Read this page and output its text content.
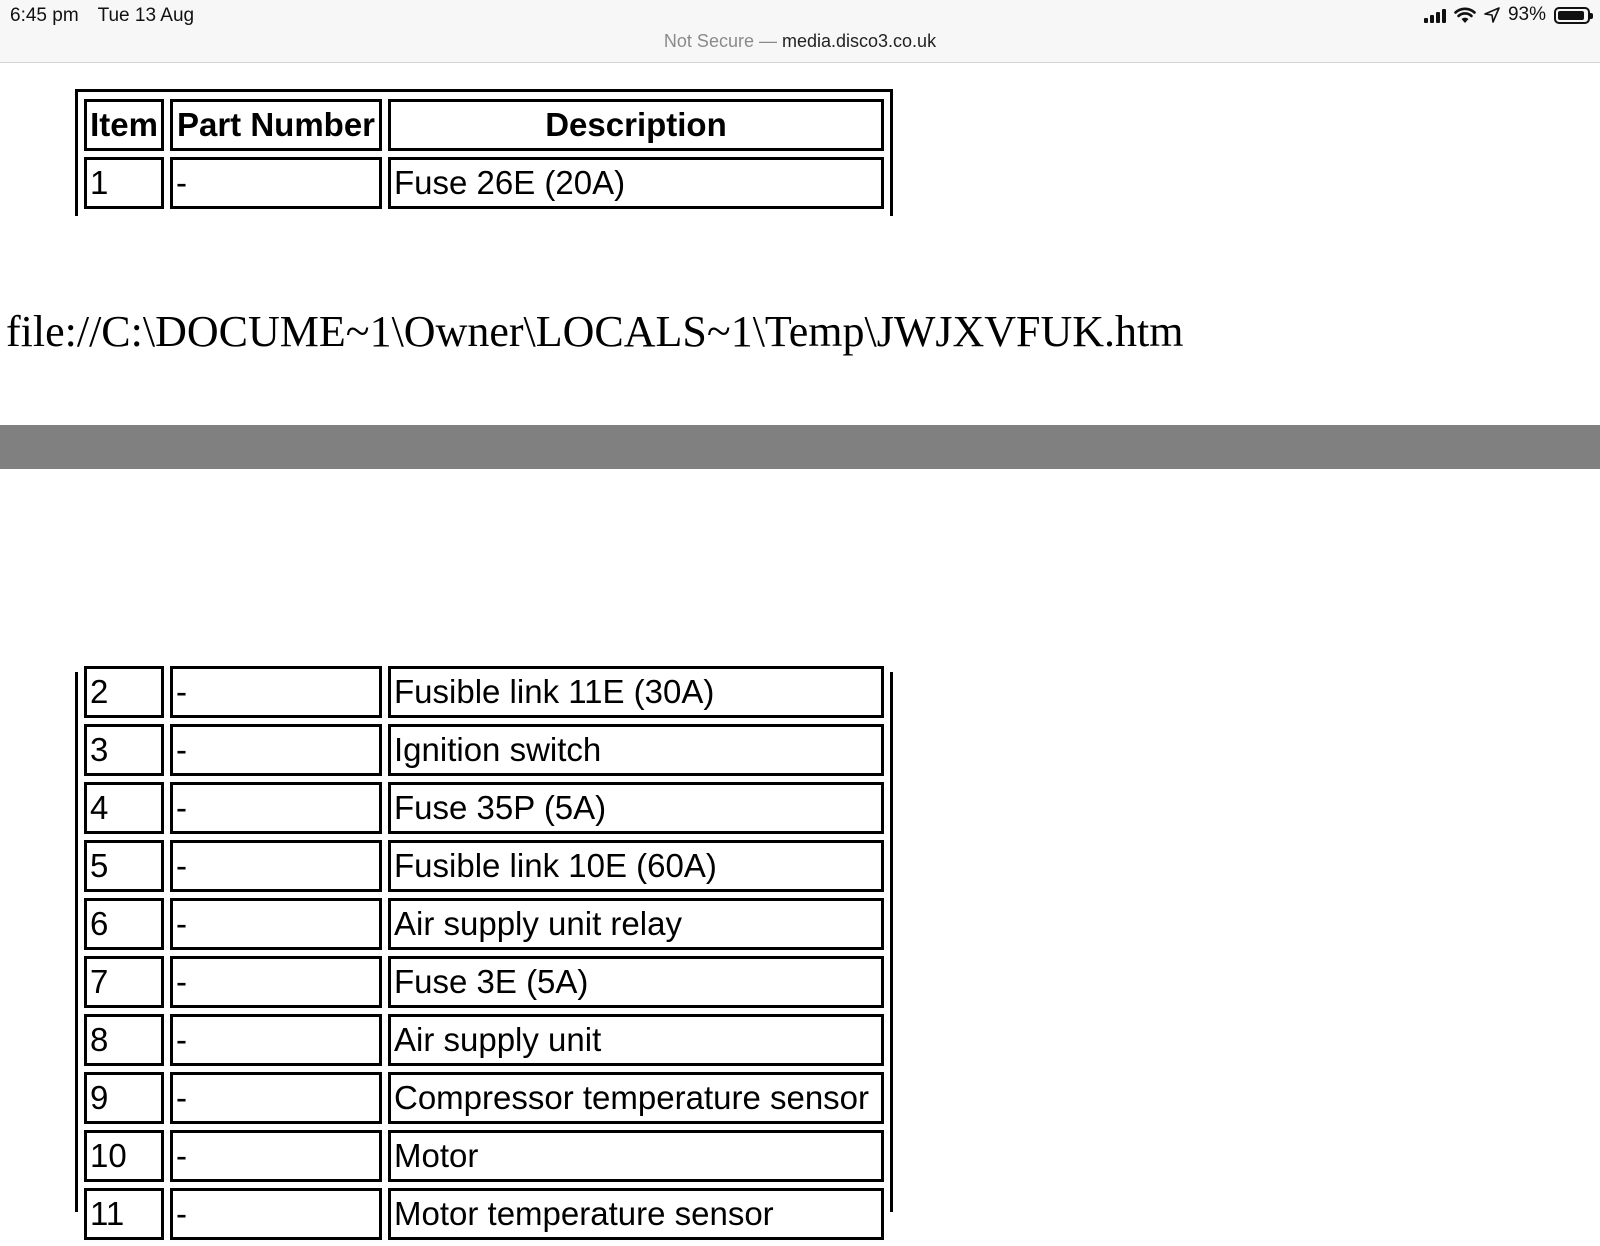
6:45 pm Tue 13 Aug	93%
Not Secure — media.disco3.co.uk
Item	Part Number	Description
1	-	Fuse 26E (20A)

file://C:\DOCUME~1\Owner\LOCALS~1\Temp\JWJXVFUK.htm

2	-	Fusible link 11E (30A)
3	-	Ignition switch
4	-	Fuse 35P (5A)
5	-	Fusible link 10E (60A)
6	-	Air supply unit relay
7	-	Fuse 3E (5A)
8	-	Air supply unit
9	-	Compressor temperature sensor
10	-	Motor
11	-	Motor temperature sensor
